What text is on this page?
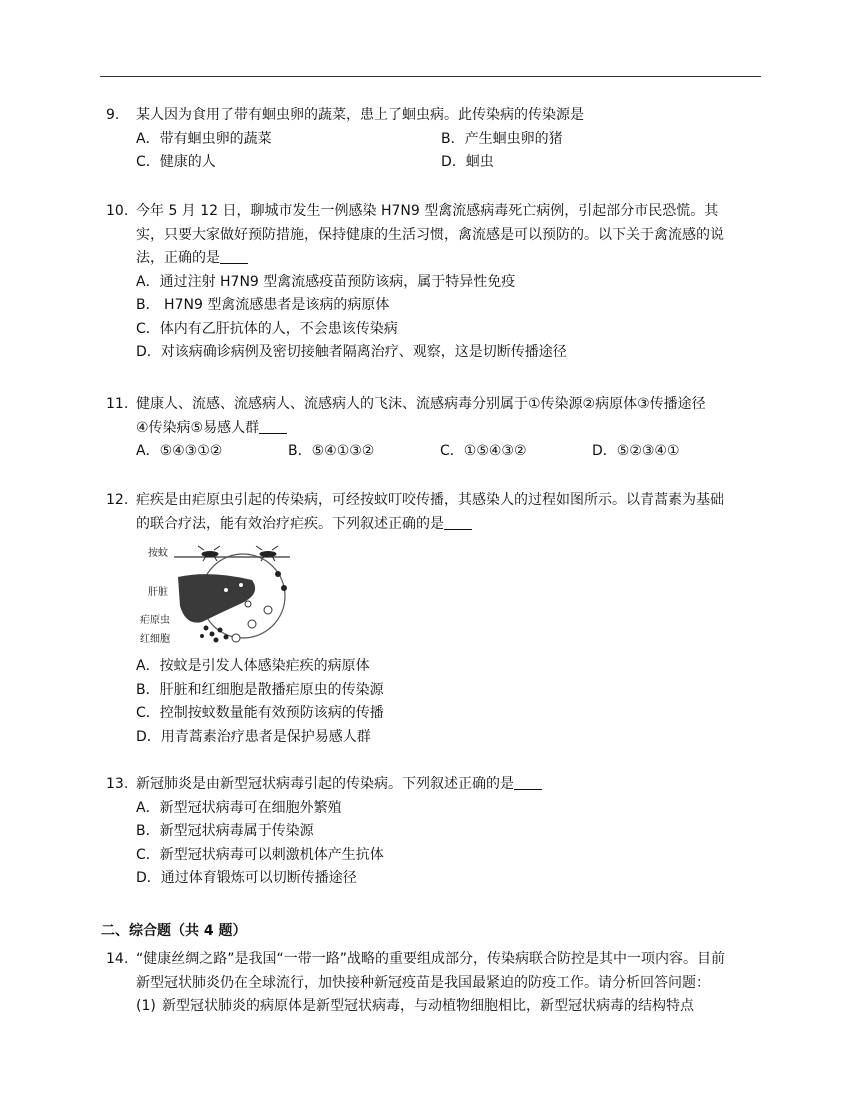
9. 某人因为食用了带有蛔虫卵的蔬菜，患上了蛔虫病。此传染病的传染源是
A．带有蛔虫卵的蔬菜	B．产生蛔虫卵的猪
C．健康的人	D．蛔虫
10. 今年 5 月 12 日，聊城市发生一例感染 H7N9 型禽流感病毒死亡病例，引起部分市民恐慌。其
实，只要大家做好预防措施，保持健康的生活习惯，禽流感是可以预防的。以下关于禽流感的说
法，正确的是
A．通过注射 H7N9 型禽流感疫苗预防该病，属于特异性免疫
B． H7N9 型禽流感患者是该病的病原体
C．体内有乙肝抗体的人，不会患该传染病
D．对该病确诊病例及密切接触者隔离治疗、观察，这是切断传播途径
11. 健康人、流感、流感病人、流感病人的飞沫、流感病毒分别属于①传染源②病原体③传播途径
④传染病⑤易感人群
A．⑤④③①②	B．⑤④①③②	C．①⑤④③②	D．⑤②③④①
12. 疟疾是由疟原虫引起的传染病，可经按蚊叮咬传播，其感染人的过程如图所示。以青蒿素为基础
的联合疗法，能有效治疗疟疾。下列叙述正确的是
按蚊
肝脏
疟原虫
红细胞
A．按蚊是引发人体感染疟疾的病原体
B．肝脏和红细胞是散播疟原虫的传染源
C．控制按蚊数量能有效预防该病的传播
D．用青蒿素治疗患者是保护易感人群
13. 新冠肺炎是由新型冠状病毒引起的传染病。下列叙述正确的是
A．新型冠状病毒可在细胞外繁殖
B．新型冠状病毒属于传染源
C．新型冠状病毒可以刺激机体产生抗体
D．通过体育锻炼可以切断传播途径
二、综合题（共 4 题）
14. “健康丝绸之路”是我国“一带一路”战略的重要组成部分，传染病联合防控是其中一项内容。目前
新型冠状肺炎仍在全球流行，加快接种新冠疫苗是我国最紧迫的防疫工作。请分析回答问题：
(1) 新型冠状肺炎的病原体是新型冠状病毒，与动植物细胞相比，新型冠状病毒的结构特点
